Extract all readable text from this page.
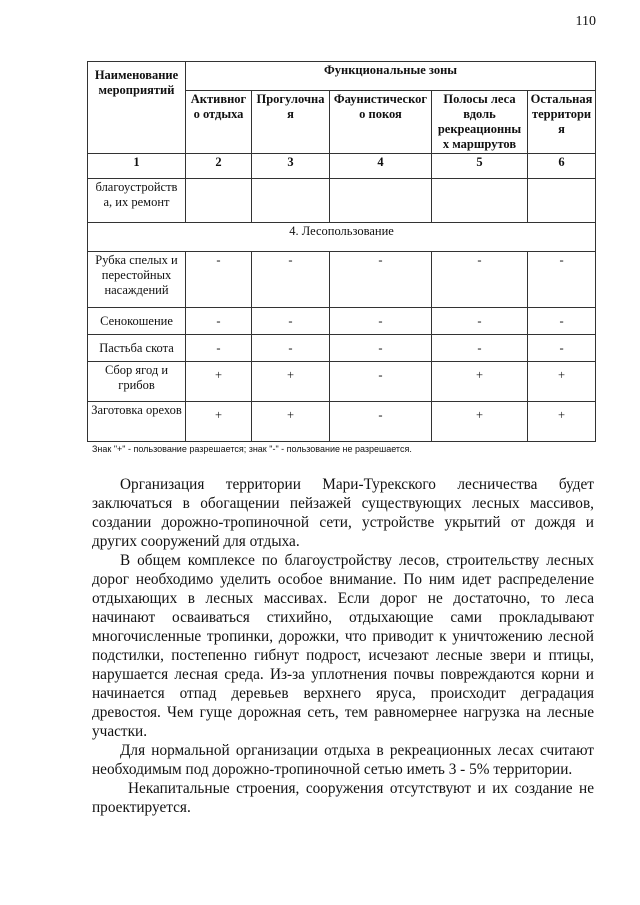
110
Наименование мероприятий	Функциональные зоны				
	Активног о отдыха	Прогулочна я	Фаунистическог о покоя	Полосы леса вдоль рекреационны х маршрутов	Остальная территори я
1	2	3	4	5	6
благоустройств а, их ремонт					
4. Лесопользование					
Рубка спелых и перестойных насаждений	-	-	-	-	-
Сенокошение	-	-	-	-	-
Пастьба скота	-	-	-	-	-
Сбор ягод и грибов	+	+	-	+	+
Заготовка орехов	+	+	-	+	+
Знак "+" - пользование разрешается; знак "-" - пользование не разрешается.

Организация территории Мари-Турекского лесничества будет заключаться в обогащении пейзажей существующих лесных массивов, создании дорожно-тропиночной сети, устройстве укрытий от дождя и других сооружений для отдыха.

В общем комплексе по благоустройству лесов, строительству лесных дорог необходимо уделить особое внимание. По ним идет распределение отдыхающих в лесных массивах. Если дорог не достаточно, то леса начинают осваиваться стихийно, отдыхающие сами прокладывают многочисленные тропинки, дорожки, что приводит к уничтожению лесной подстилки, постепенно гибнут подрост, исчезают лесные звери и птицы, нарушается лесная среда. Из-за уплотнения почвы повреждаются корни и начинается отпад деревьев верхнего яруса, происходит деградация древостоя. Чем гуще дорожная сеть, тем равномернее нагрузка на лесные участки.

Для нормальной организации отдыха в рекреационных лесах считают необходимым под дорожно-тропиночной сетью иметь 3 - 5% территории.

Некапитальные строения, сооружения отсутствуют и их создание не проектируется.
